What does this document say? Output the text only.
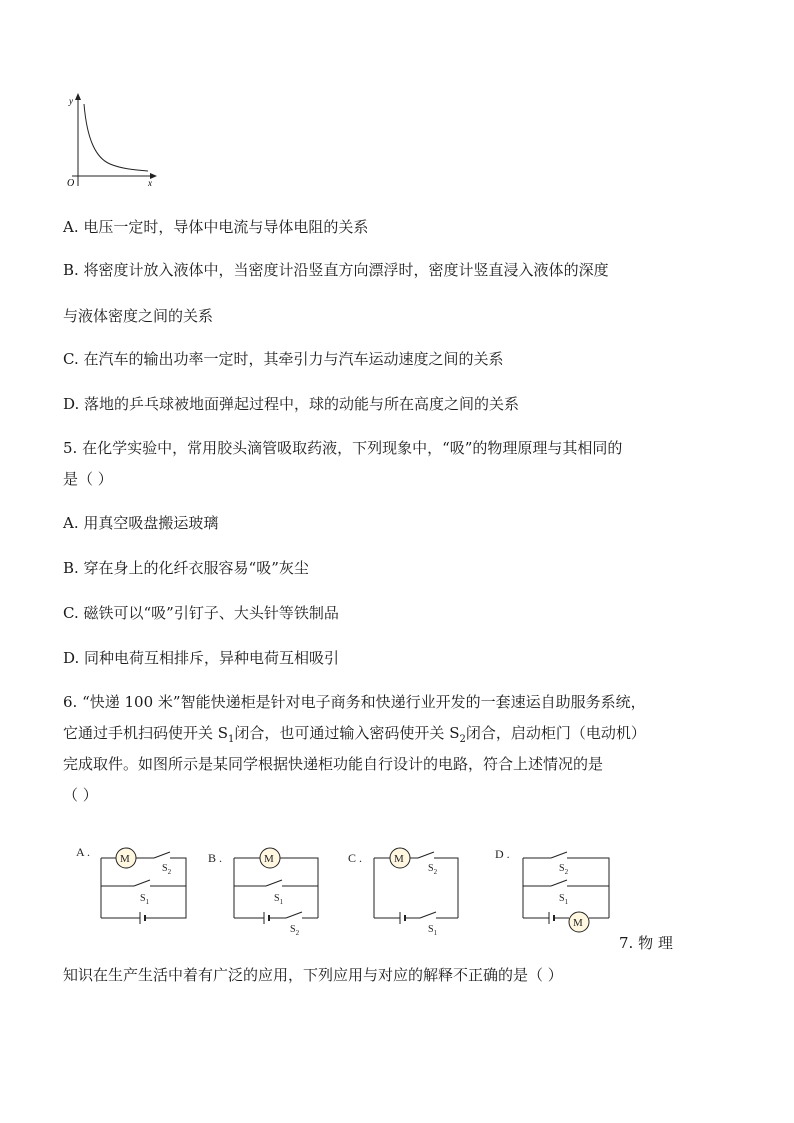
y
x
O
A. 电压一定时，导体中电流与导体电阻的关系
B. 将密度计放入液体中，当密度计沿竖直方向漂浮时，密度计竖直浸入液体的深度
与液体密度之间的关系
C. 在汽车的输出功率一定时，其牵引力与汽车运动速度之间的关系
D. 落地的乒乓球被地面弹起过程中，球的动能与所在高度之间的关系
5. 在化学实验中，常用胶头滴管吸取药液，下列现象中，“吸”的物理原理与其相同的
是（ ）
A. 用真空吸盘搬运玻璃
B. 穿在身上的化纤衣服容易“吸”灰尘
C. 磁铁可以“吸”引钉子、大头针等铁制品
D. 同种电荷互相排斥，异种电荷互相吸引
6. “快递 100 米”智能快递柜是针对电子商务和快递行业开发的一套速运自助服务系统，
它通过手机扫码使开关 $S_1$闭合，也可通过输入密码使开关 $S_2$闭合，启动柜门（电动机）
完成取件。如图所示是某同学根据快递柜功能自行设计的电路，符合上述情况的是
（ ）
A .	M
$S_2$
$S_1$
B .	M
$S_1$
$S_2$
C .	M
$S_2$
$S_1$
D .
$S_2$
$S_1$
M
7. 物 理
知识在生产生活中着有广泛的应用，下列应用与对应的解释不正确的是（ ）
